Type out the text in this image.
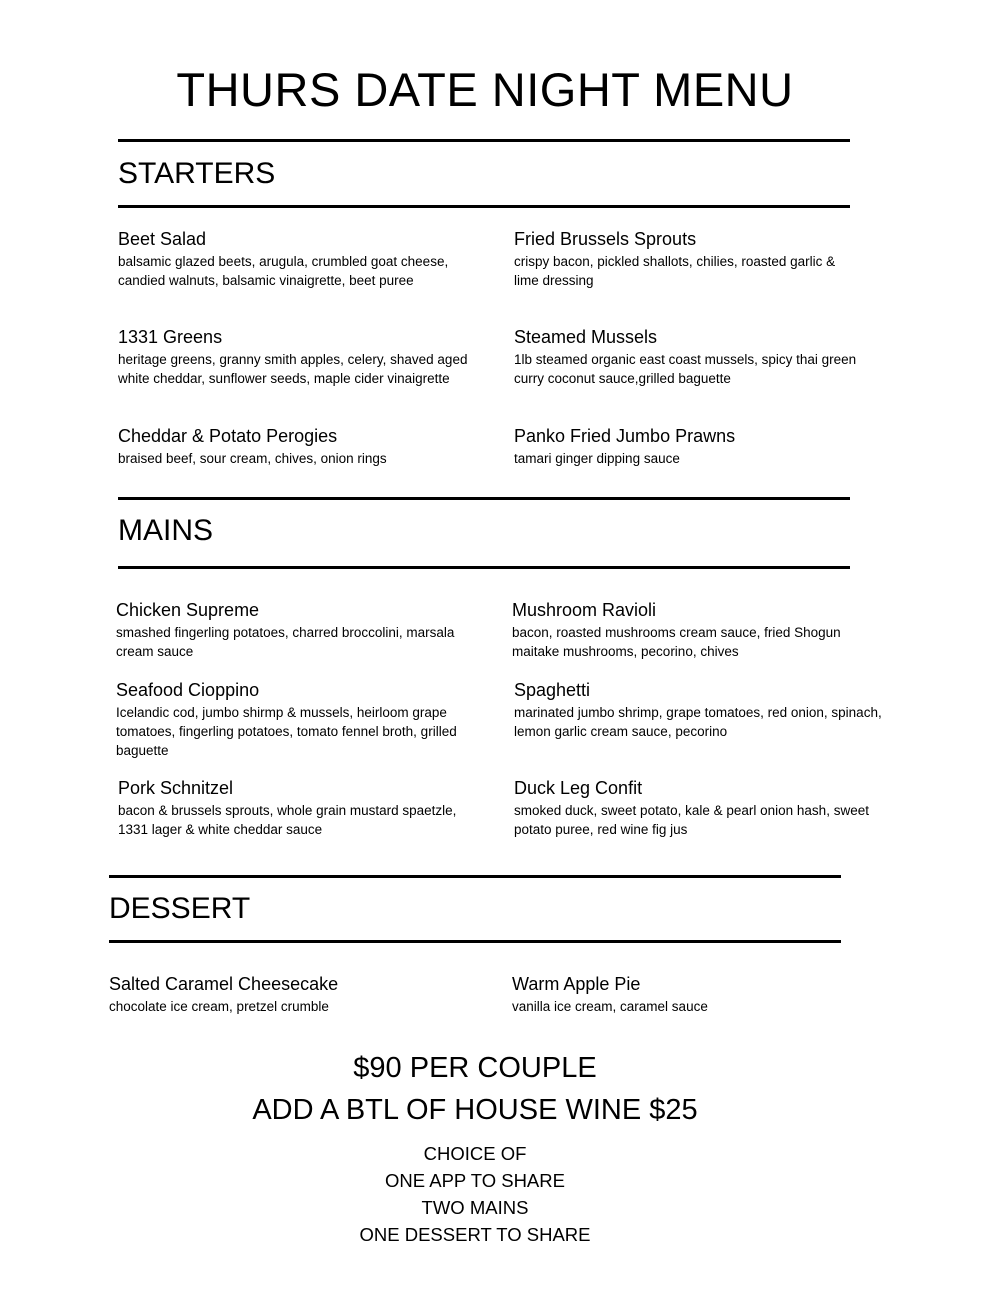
THURS DATE NIGHT MENU
STARTERS
Beet Salad
balsamic glazed beets, arugula, crumbled goat cheese, candied walnuts, balsamic vinaigrette, beet puree
Fried Brussels Sprouts
crispy bacon, pickled shallots, chilies, roasted garlic & lime dressing
1331 Greens
heritage greens, granny smith apples, celery, shaved aged white cheddar, sunflower seeds, maple cider vinaigrette
Steamed Mussels
1lb steamed organic east coast mussels, spicy thai green curry coconut sauce,grilled baguette
Cheddar & Potato Perogies
braised beef, sour cream, chives, onion rings
Panko Fried Jumbo Prawns
tamari ginger dipping sauce
MAINS
Chicken Supreme
smashed fingerling potatoes, charred broccolini, marsala cream sauce
Mushroom Ravioli
bacon, roasted mushrooms cream sauce, fried Shogun maitake mushrooms, pecorino, chives
Seafood Cioppino
Icelandic cod, jumbo shirmp & mussels, heirloom grape tomatoes, fingerling potatoes, tomato fennel broth, grilled baguette
Spaghetti
marinated jumbo shrimp, grape tomatoes, red onion, spinach, lemon garlic cream sauce, pecorino
Pork Schnitzel
bacon & brussels sprouts, whole grain mustard spaetzle, 1331 lager & white cheddar sauce
Duck Leg Confit
smoked duck, sweet potato, kale & pearl onion hash, sweet potato puree, red wine fig jus
DESSERT
Salted Caramel Cheesecake
chocolate ice cream, pretzel crumble
Warm Apple Pie
vanilla ice cream, caramel sauce
$90 PER COUPLE
ADD A BTL OF HOUSE WINE $25
CHOICE OF
ONE APP TO SHARE
TWO MAINS
ONE DESSERT TO SHARE
